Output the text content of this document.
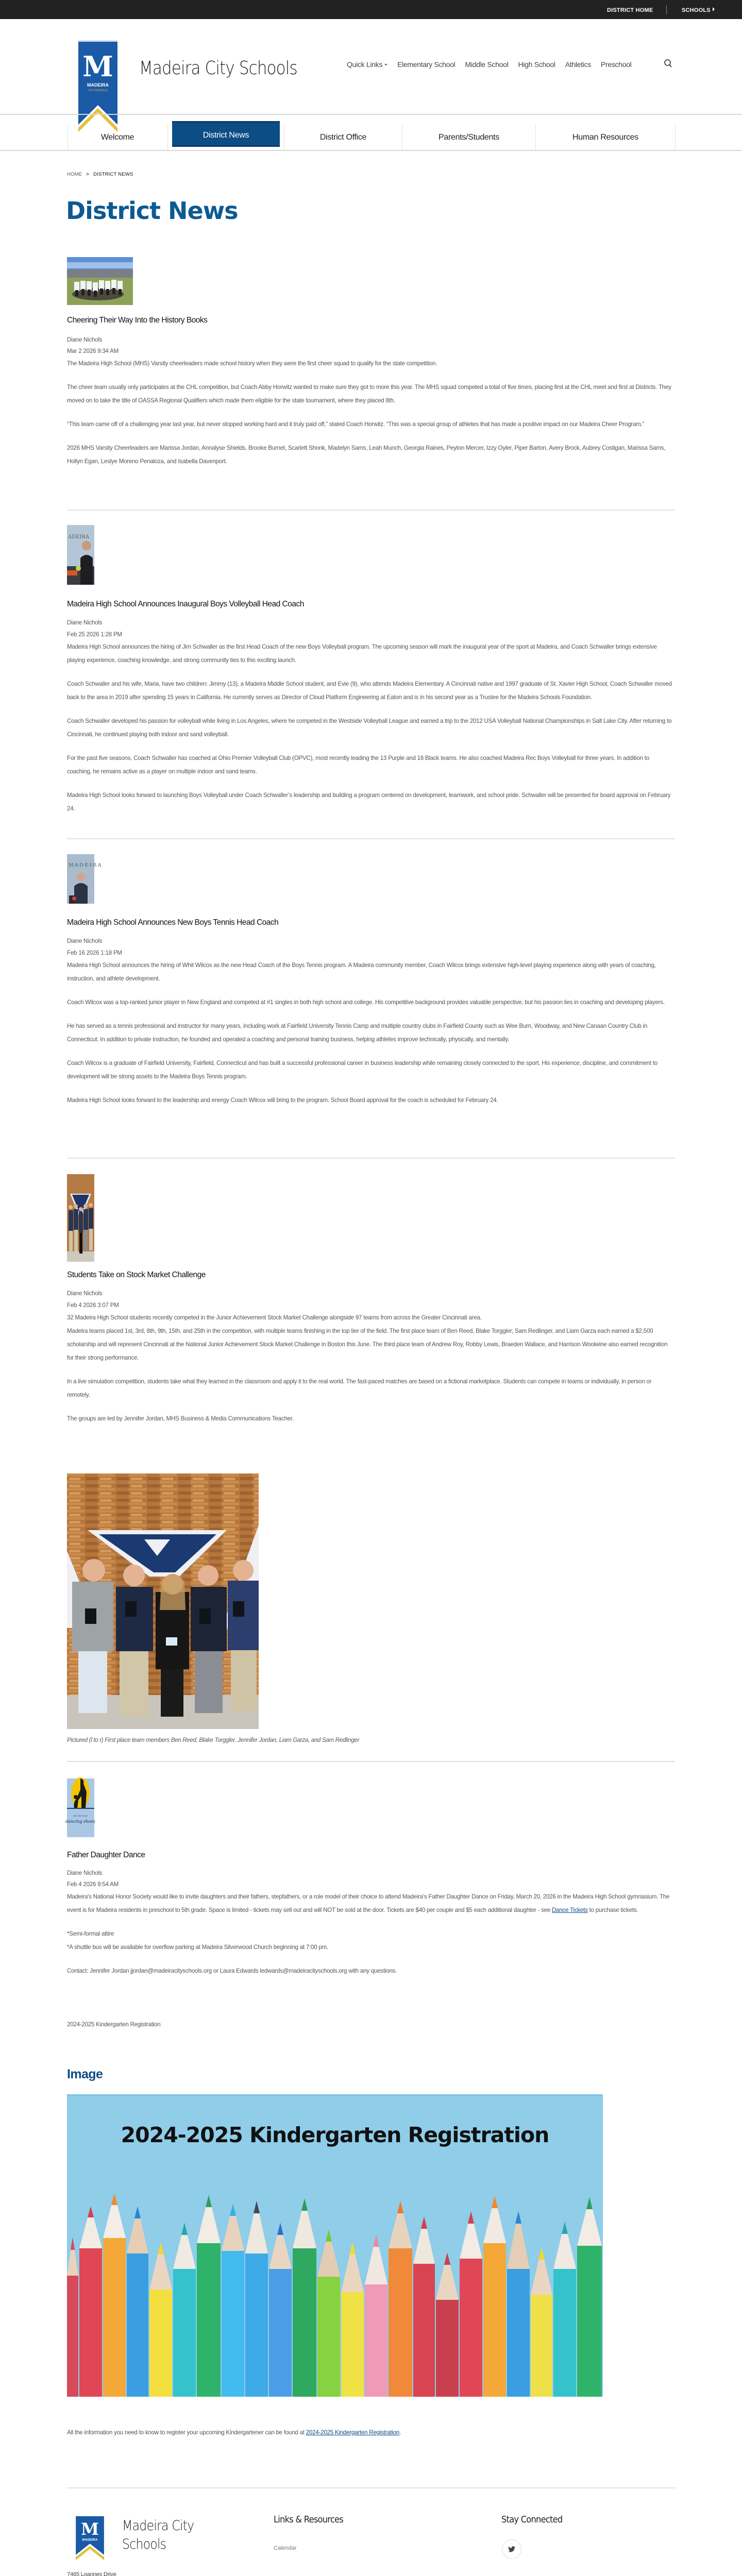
DISTRICT HOME	SCHOOLS
M
MADEIRA
CITY SCHOOLS
Madeira City Schools	Quick Links	Elementary School Middle School High School Athletics Preschool
Welcome	District News	District Office	Parents/Students	Human Resources
HOME > DISTRICT NEWS
District News
Cheering Their Way Into the History Books
Diane Nichols
Mar 2 2026 9:34 AM

The Madeira High School (MHS) Varsity cheerleaders made school history when they were the first cheer squad to qualify for the state competition.

The cheer team usually only participates at the CHL competition, but Coach Abby Horwitz wanted to make sure they got to more this year. The MHS squad competed a total of five times, placing first at the CHL meet and first at Districts. They moved on to take the title of OASSA Regional Qualifiers which made them eligible for the state tournament, where they placed 8th.

“This team came off of a challenging year last year, but never stopped working hard and it truly paid off,” stated Coach Horwitz. “This was a special group of athletes that has made a positive impact on our Madeira Cheer Program.”

2026 MHS Varsity Cheerleaders are Marissa Jordan, Annalyse Shields, Brooke Burnet, Scarlett Shonk, Madelyn Sams, Leah Munch, Georgia Raines, Peyton Mercer, Izzy Oyler, Piper Barton, Avery Brock, Aubrey Costigan, Marissa Sams, Hollyn Egan, Leslye Moreno Penaloza, and Isabella Davenport.

ADEIRA
Madeira High School Announces Inaugural Boys Volleyball Head Coach
Diane Nichols
Feb 25 2026 1:28 PM

Madeira High School announces the hiring of Jim Schwaller as the first Head Coach of the new Boys Volleyball program. The upcoming season will mark the inaugural year of the sport at Madeira, and Coach Schwaller brings extensive playing experience, coaching knowledge, and strong community ties to this exciting launch.

Coach Schwaller and his wife, Maria, have two children: Jimmy (13), a Madeira Middle School student, and Evie (9), who attends Madeira Elementary. A Cincinnati native and 1997 graduate of St. Xavier High School, Coach Schwaller moved back to the area in 2019 after spending 15 years in California. He currently serves as Director of Cloud Platform Engineering at Eaton and is in his second year as a Trustee for the Madeira Schools Foundation.

Coach Schwaller developed his passion for volleyball while living in Los Angeles, where he competed in the Westside Volleyball League and earned a trip to the 2012 USA Volleyball National Championships in Salt Lake City. After returning to Cincinnati, he continued playing both indoor and sand volleyball.

For the past five seasons, Coach Schwaller has coached at Ohio Premier Volleyball Club (OPVC), most recently leading the 13 Purple and 16 Black teams. He also coached Madeira Rec Boys Volleyball for three years. In addition to coaching, he remains active as a player on multiple indoor and sand teams.

Madeira High School looks forward to launching Boys Volleyball under Coach Schwaller’s leadership and building a program centered on development, teamwork, and school pride. Schwaller will be presented for board approval on February 24.

M·A·D·E·I·R·A
Madeira High School Announces New Boys Tennis Head Coach
Diane Nichols
Feb 16 2026 1:18 PM

Madeira High School announces the hiring of Whit Wilcox as the new Head Coach of the Boys Tennis program. A Madeira community member, Coach Wilcox brings extensive high-level playing experience along with years of coaching, instruction, and athlete development.

Coach Wilcox was a top-ranked junior player in New England and competed at #1 singles in both high school and college. His competitive background provides valuable perspective, but his passion lies in coaching and developing players.

He has served as a tennis professional and instructor for many years, including work at Fairfield University Tennis Camp and multiple country clubs in Fairfield County such as Wee Burn, Woodway, and New Canaan Country Club in Connecticut. In addition to private instruction, he founded and operated a coaching and personal training business, helping athletes improve technically, physically, and mentally.

Coach Wilcox is a graduate of Fairfield University, Fairfield, Connecticut and has built a successful professional career in business leadership while remaining closely connected to the sport. His experience, discipline, and commitment to development will be strong assets to the Madeira Boys Tennis program.

Madeira High School looks forward to the leadership and energy Coach Wilcox will bring to the program. School Board approval for the coach is scheduled for February 24.

Students Take on Stock Market Challenge
Diane Nichols
Feb 4 2026 3:07 PM

32 Madeira High School students recently competed in the Junior Achievement Stock Market Challenge alongside 97 teams from across the Greater Cincinnati area.

Madeira teams placed 1st, 3rd, 8th, 9th, 15th, and 25th in the competition, with multiple teams finishing in the top tier of the field. The first place team of Ben Reed, Blake Torggler, Sam Redlinger, and Liam Garza each earned a $2,500 scholarship and will represent Cincinnati at the National Junior Achievement Stock Market Challenge in Boston this June. The third place team of Andrew Roy, Robby Lewis, Braeden Wallace, and Harrison Woolwine also earned recognition for their strong performance.

In a live simulation competition, students take what they learned in the classroom and apply it to the real world. The fast-paced matches are based on a fictional marketplace. Students can compete in teams or individually, in person or remotely.

The groups are led by Jennifer Jordan, MHS Business & Media Communications Teacher.

Pictured (l to r) First place team members Ben Reed, Blake Torggler, Jennifer Jordan, Liam Garza, and Sam Redlinger
GET ON YOUR
dancing shoes
Father Daughter Dance
Diane Nichols
Feb 4 2026 9:54 AM

Madeira's National Honor Society would like to invite daughters and their fathers, stepfathers, or a role model of their choice to attend Madeira's Father Daughter Dance on Friday, March 20, 2026 in the Madeira High School gymnasium. The event is for Madeira residents in preschool to 5th grade. Space is limited - tickets may sell out and will NOT be sold at the door. Tickets are $40 per couple and $5 each additional daughter - see Dance Tickets to purchase tickets.

*Semi-formal attire

*A shuttle bus will be available for overflow parking at Madeira Silverwood Church beginning at 7:00 pm.

Contact: Jennifer Jordan jjordan@madeiracityschools.org or Laura Edwards ledwards@madeiracityschools.org with any questions.

2024-2025 Kindergarten Registration
Image
2024-2025 Kindergarten Registration
All the information you need to know to register your upcoming Kindergartener can be found at 2024-2025 Kindergarten Registration.
M
MADEIRA
Madeira City
Schools
Links & Resources
Calendar
Stay Connected
7465 Loannes Drive
